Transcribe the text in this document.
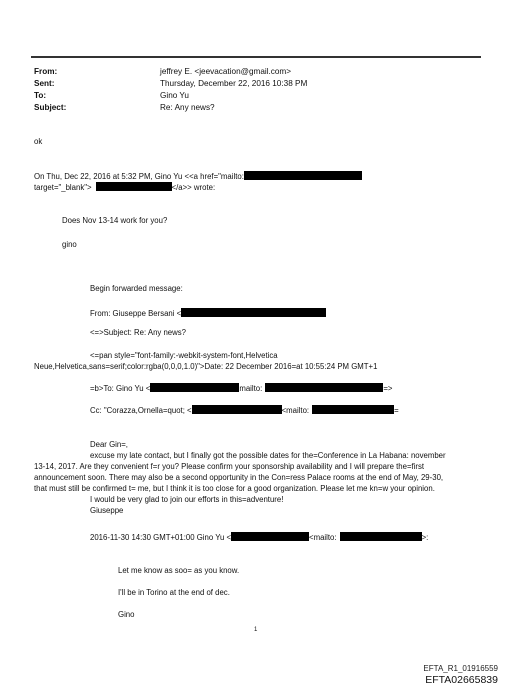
From:	jeffrey E. <jeevacation@gmail.com>
Sent:	Thursday, December 22, 2016 10:38 PM
To:	Gino Yu
Subject:	Re: Any news?
ok
On Thu, Dec 22, 2016 at 5:32 PM, Gino Yu <<a href="mailto:
target="_blank">	</a>> wrote:
Does Nov 13-14 work for you?
gino
Begin forwarded message:
From: Giuseppe Bersani <
<=>Subject: Re: Any news?
<=pan style="font-family:-webkit-system-font,Helvetica
Neue,Helvetica,sans=serif;color:rgba(0,0,0,1.0)">Date: 22 December 2016=at 10:55:24 PM GMT+1
=b>To: Gino Yu <	mailto:	=>
Cc: "Corazza,Ornella=quot; <	<mailto:	=
Dear Gin=,
excuse my late contact, but I finally got the possible dates for the=Conference in La Habana: november
13-14, 2017. Are they convenient f=r you? Please confirm your sponsorship availability and I will prepare the=first
announcement soon. There may also be a second opportunity in the Con=ress Palace rooms at the end of May, 29-30,
that must still be confirmed t= me, but I think it is too close for a good organization. Please let me kn=w your opinion.
I would be very glad to join our efforts in this=adventure!
Giuseppe
2016-11-30 14:30 GMT+01:00 Gino Yu <	<mailto:	>:
Let me know as soo= as you know.
I'll be in Torino at the end of dec.
Gino
1
EFTA_R1_01916559
EFTA02665839
